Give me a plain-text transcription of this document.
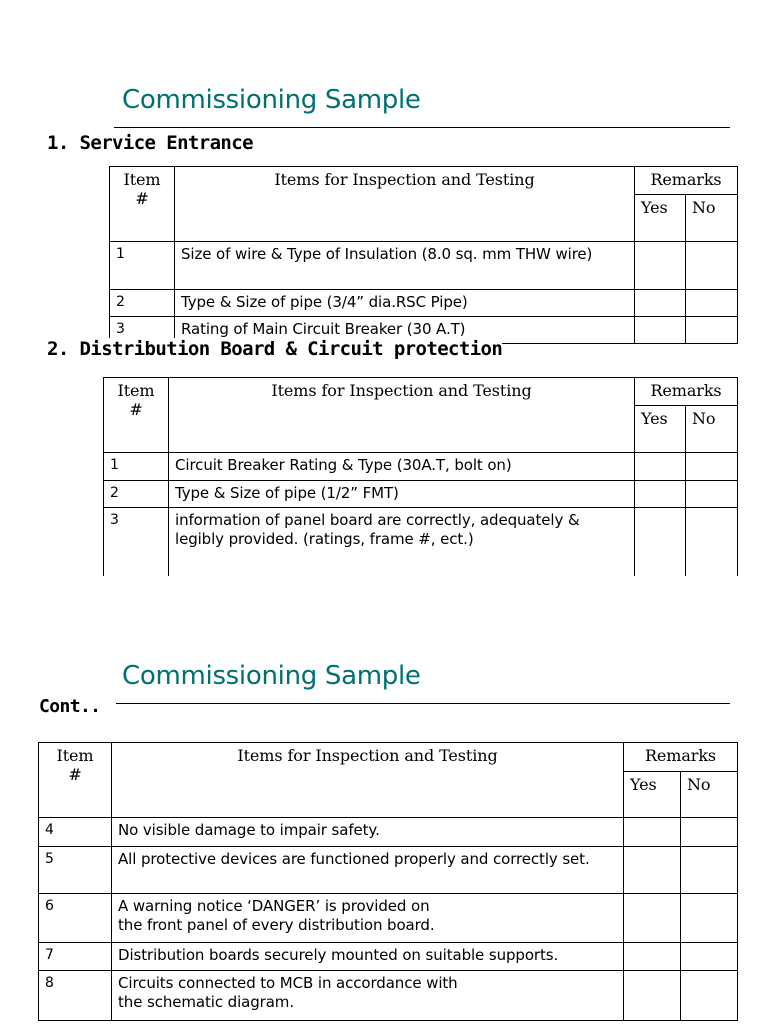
Commissioning Sample
1. Service Entrance
Item
#	Items for Inspection and Testing	Remarks	
		Yes	No
1	Size of wire & Type of Insulation (8.0 sq. mm THW wire)		
2	Type & Size of pipe (3/4” dia.RSC Pipe)		
3	Rating of Main Circuit Breaker (30 A.T)		
2. Distribution Board & Circuit protection
Item
#	Items for Inspection and Testing	Remarks	
		Yes	No
1	Circuit Breaker Rating & Type (30A.T, bolt on)		
2	Type & Size of pipe (1/2” FMT)		
3	information of panel board are correctly, adequately & legibly provided. (ratings, frame #, ect.)		
Commissioning Sample
Cont..
Item
#	Items for Inspection and Testing	Remarks	
		Yes	No
4	No visible damage to impair safety.		
5	All protective devices are functioned properly and correctly set.		
6	A warning notice ‘DANGER’ is provided on
the front panel of every distribution board.		
7	Distribution boards securely mounted on suitable supports.		
8	Circuits connected to MCB in accordance with
the schematic diagram.		
